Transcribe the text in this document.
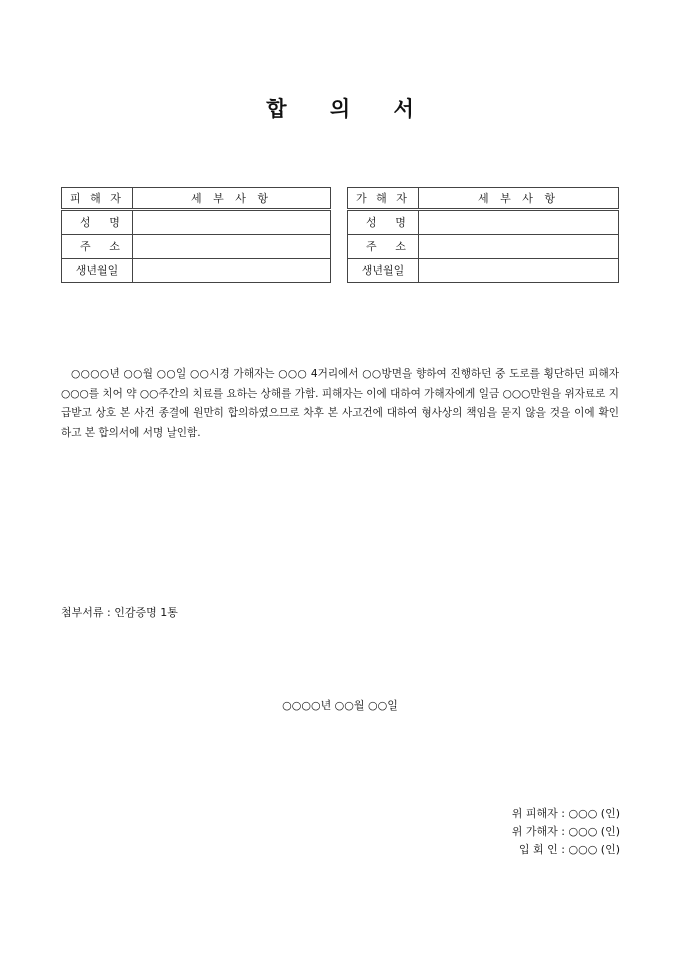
합 의 서
피 해 자	세 부 사 항

성 명	

주 소	

생년월일	
가 해 자	세 부 사 항

성 명	

주 소	

생년월일	
○○○○년 ○○월 ○○일 ○○시경 가해자는 ○○○ 4거리에서 ○○방면을 향하여 진행하던 중 도로를 횡단하던 피해자 ○○○를 치어 약 ○○주간의 치료를 요하는 상해를 가함. 피해자는 이에 대하여 가해자에게 일금 ○○○만원을 위자료로 지급받고 상호 본 사건 종결에 원만히 합의하였으므로 차후 본 사고건에 대하여 형사상의 책임을 묻지 않을 것을 이에 확인하고 본 합의서에 서명 날인함.
첨부서류 : 인감증명 1통
○○○○년 ○○월 ○○일
위 피해자 : ○○○ (인)
위 가해자 : ○○○ (인)
입 회 인 : ○○○ (인)
